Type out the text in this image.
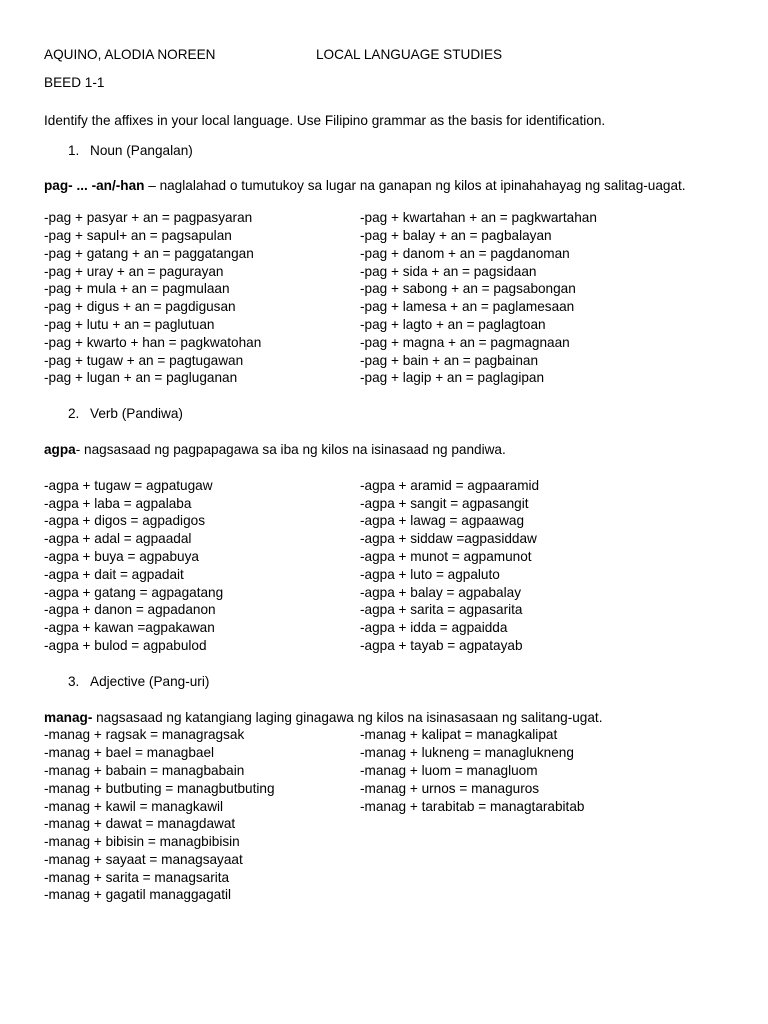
AQUINO, ALODIA NOREEN	LOCAL LANGUAGE STUDIES
BEED 1-1
Identify the affixes in your local language. Use Filipino grammar as the basis for identification.
1. Noun (Pangalan)
pag- ... -an/-han – naglalahad o tumutukoy sa lugar na ganapan ng kilos at ipinahahayag ng salitag-uagat.
-pag + pasyar + an = pagpasyaran
-pag + sapul+ an = pagsapulan
-pag + gatang + an = paggatangan
-pag + uray + an = pagurayan
-pag + mula + an = pagmulaan
-pag + digus + an = pagdigusan
-pag + lutu + an = paglutuan
-pag + kwarto + han = pagkwatohan
-pag + tugaw + an = pagtugawan
-pag + lugan + an = pagluganan
-pag + kwartahan + an = pagkwartahan
-pag + balay + an = pagbalayan
-pag + danom + an = pagdanoman
-pag + sida + an = pagsidaan
-pag + sabong + an = pagsabongan
-pag + lamesa + an = paglamesaan
-pag + lagto + an = paglagtoan
-pag + magna + an = pagmagnaan
-pag + bain + an = pagbainan
-pag + lagip + an = paglagipan
2. Verb (Pandiwa)
agpa- nagsasaad ng pagpapagawa sa iba ng kilos na isinasaad ng pandiwa.
-agpa + tugaw = agpatugaw
-agpa + laba = agpalaba
-agpa + digos = agpadigos
-agpa + adal = agpaadal
-agpa + buya = agpabuya
-agpa + dait = agpadait
-agpa + gatang = agpagatang
-agpa + danon = agpadanon
-agpa + kawan =agpakawan
-agpa + bulod = agpabulod
-agpa + aramid = agpaaramid
-agpa + sangit = agpasangit
-agpa + lawag = agpaawag
-agpa + siddaw =agpasiddaw
-agpa + munot = agpamunot
-agpa + luto = agpaluto
-agpa + balay = agpabalay
-agpa + sarita = agpasarita
-agpa + idda = agpaidda
-agpa + tayab = agpatayab
3. Adjective (Pang-uri)
manag- nagsasaad ng katangiang laging ginagawa ng kilos na isinasasaan ng salitang-ugat.
-manag + ragsak = managragsak
-manag + bael = managbael
-manag + babain = managbabain
-manag + butbuting = managbutbuting
-manag + kawil = managkawil
-manag + dawat = managdawat
-manag + bibisin = managbibisin
-manag + sayaat = managsayaat
-manag + sarita = managsarita
-manag + gagatil managgagatil
-manag + kalipat = managkalipat
-manag + lukneng = managlukneng
-manag + luom = managluom
-manag + urnos = managuros
-manag + tarabitab = managtarabitab
